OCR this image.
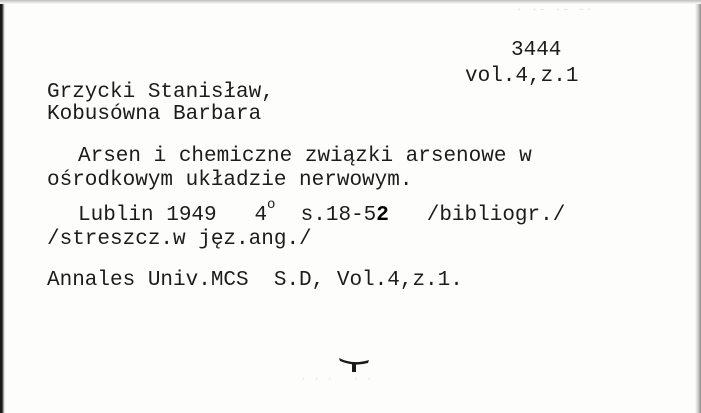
· ·- ·- -·
· · ·   · ·

3444

vol.4,z.1

Grzycki Stanisław,

Kobusówna Barbara

Arsen i chemiczne związki arsenowe w

ośrodkowym układzie nerwowym.

Lublin 1949 4$^o$ s.18-52 /bibliogr./

/streszcz.w jęz.ang./

Annales Univ.MCS  S.D, Vol.4,z.1.
